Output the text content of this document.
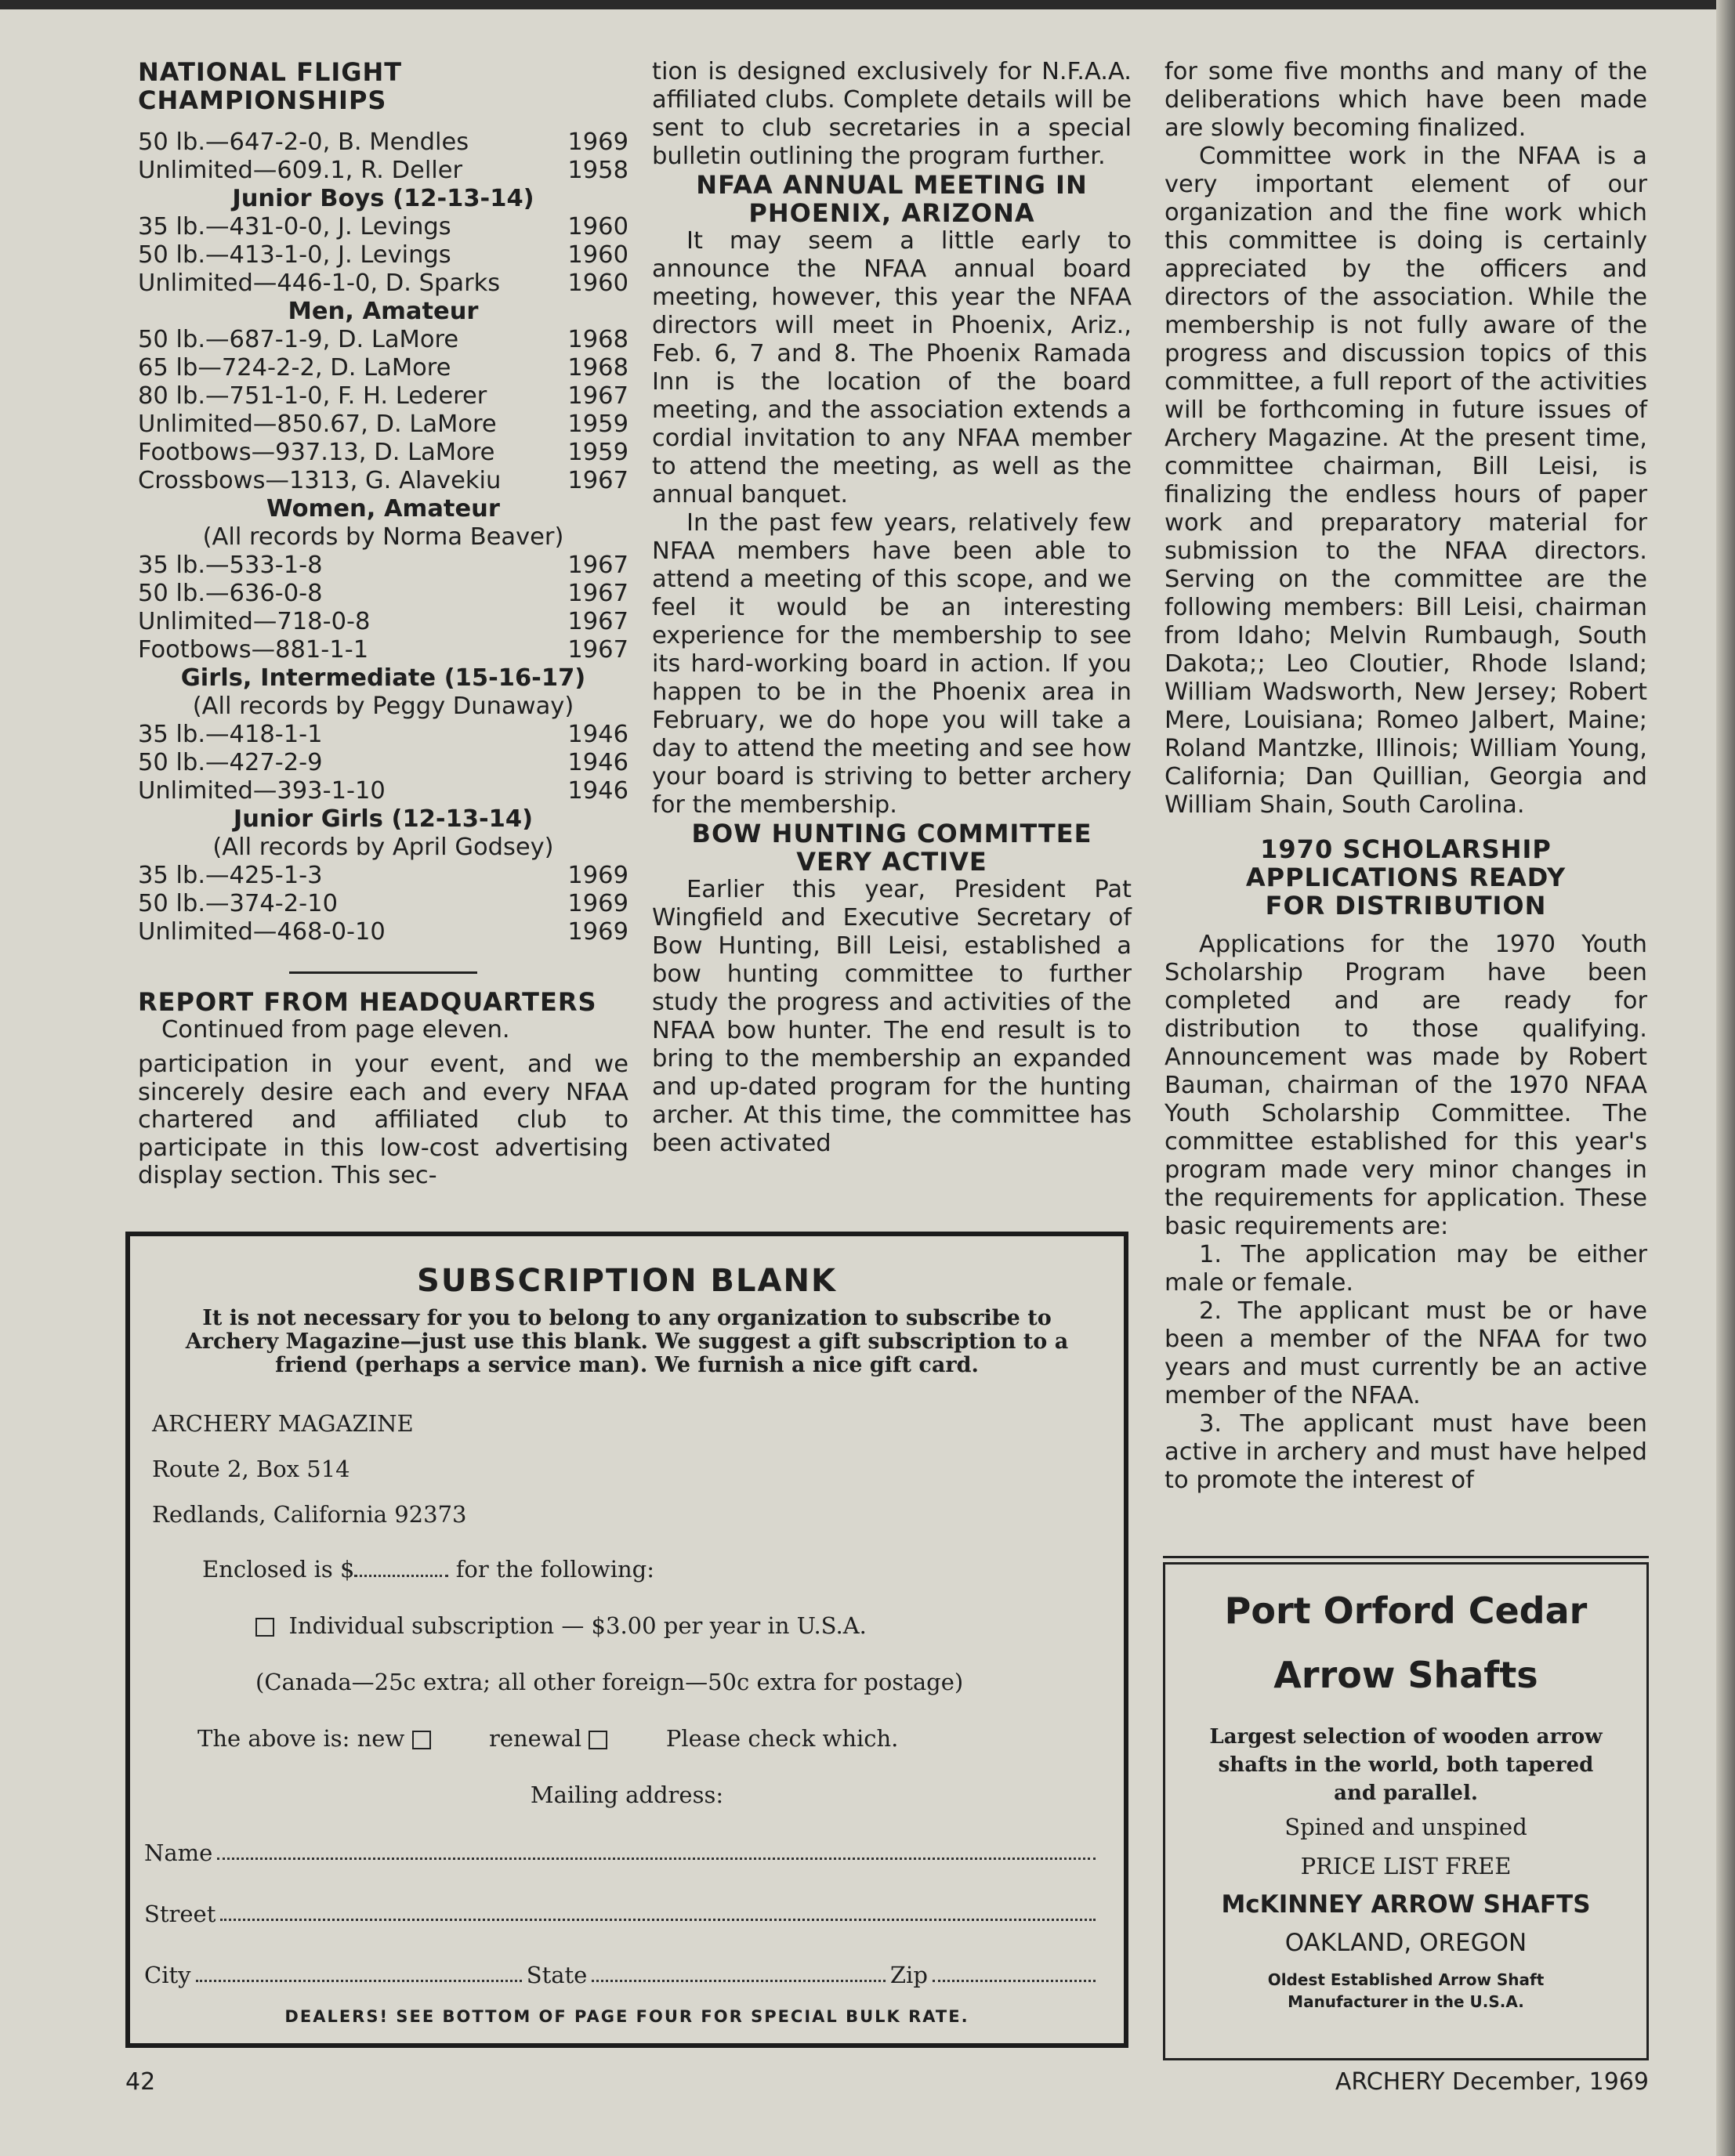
NATIONAL FLIGHT CHAMPIONSHIPS
50 lb.—647-2-0, B. Mendles	1969
Unlimited—609.1, R. Deller	1958
Junior Boys (12-13-14)
35 lb.—431-0-0, J. Levings	1960
50 lb.—413-1-0, J. Levings	1960
Unlimited—446-1-0, D. Sparks	1960
Men, Amateur
50 lb.—687-1-9, D. LaMore	1968
65 lb—724-2-2, D. LaMore	1968
80 lb.—751-1-0, F. H. Lederer	1967
Unlimited—850.67, D. LaMore	1959
Footbows—937.13, D. LaMore	1959
Crossbows—1313, G. Alavekiu	1967
Women, Amateur
(All records by Norma Beaver)
35 lb.—533-1-8	1967
50 lb.—636-0-8	1967
Unlimited—718-0-8	1967
Footbows—881-1-1	1967
Girls, Intermediate (15-16-17)
(All records by Peggy Dunaway)
35 lb.—418-1-1	1946
50 lb.—427-2-9	1946
Unlimited—393-1-10	1946
Junior Girls (12-13-14)
(All records by April Godsey)
35 lb.—425-1-3	1969
50 lb.—374-2-10	1969
Unlimited—468-0-10	1969
REPORT FROM HEADQUARTERS
Continued from page eleven.

participation in your event, and we sincerely desire each and every NFAA chartered and affiliated club to participate in this low-cost advertising display section. This sec-

tion is designed exclusively for N.F.A.A. affiliated clubs. Complete details will be sent to club secretaries in a special bulletin outlining the program further.

NFAA ANNUAL MEETING IN PHOENIX, ARIZONA

It may seem a little early to announce the NFAA annual board meeting, however, this year the NFAA directors will meet in Phoenix, Ariz., Feb. 6, 7 and 8. The Phoenix Ramada Inn is the location of the board meeting, and the association extends a cordial invitation to any NFAA member to attend the meeting, as well as the annual banquet.

In the past few years, relatively few NFAA members have been able to attend a meeting of this scope, and we feel it would be an interesting experience for the membership to see its hard-working board in action. If you happen to be in the Phoenix area in February, we do hope you will take a day to attend the meeting and see how your board is striving to better archery for the membership.

BOW HUNTING COMMITTEE VERY ACTIVE

Earlier this year, President Pat Wingfield and Executive Secretary of Bow Hunting, Bill Leisi, established a bow hunting committee to further study the progress and activities of the NFAA bow hunter. The end result is to bring to the membership an expanded and up-dated program for the hunting archer. At this time, the committee has been activated

for some five months and many of the deliberations which have been made are slowly becoming finalized.

Committee work in the NFAA is a very important element of our organization and the fine work which this committee is doing is certainly appreciated by the officers and directors of the association. While the membership is not fully aware of the progress and discussion topics of this committee, a full report of the activities will be forthcoming in future issues of Archery Magazine. At the present time, committee chairman, Bill Leisi, is finalizing the endless hours of paper work and preparatory material for submission to the NFAA directors. Serving on the committee are the following members: Bill Leisi, chairman from Idaho; Melvin Rumbaugh, South Dakota;; Leo Cloutier, Rhode Island; William Wadsworth, New Jersey; Robert Mere, Louisiana; Romeo Jalbert, Maine; Roland Mantzke, Illinois; William Young, California; Dan Quillian, Georgia and William Shain, South Carolina.

1970 SCHOLARSHIP APPLICATIONS READY FOR DISTRIBUTION

Applications for the 1970 Youth Scholarship Program have been completed and are ready for distribution to those qualifying. Announcement was made by Robert Bauman, chairman of the 1970 NFAA Youth Scholarship Committee. The committee established for this year's program made very minor changes in the requirements for application. These basic requirements are:

1. The application may be either male or female.

2. The applicant must be or have been a member of the NFAA for two years and must currently be an active member of the NFAA.

3. The applicant must have been active in archery and must have helped to promote the interest of

SUBSCRIPTION BLANK
It is not necessary for you to belong to any organization to subscribe to Archery Magazine—just use this blank. We suggest a gift subscription to a friend (perhaps a service man). We furnish a nice gift card.
ARCHERY MAGAZINE
Route 2, Box 514
Redlands, California 92373
Enclosed is $	for the following:
Individual subscription — $3.00 per year in U.S.A.
(Canada—25c extra; all other foreign—50c extra for postage)
The above is: new	renewal	Please check which.
Mailing address:
Name
Street
City	State	Zip
DEALERS! SEE BOTTOM OF PAGE FOUR FOR SPECIAL BULK RATE.
Port Orford Cedar
Arrow Shafts
Largest selection of wooden arrow shafts in the world, both tapered and parallel.
Spined and unspined
PRICE LIST FREE
McKINNEY ARROW SHAFTS
OAKLAND, OREGON
Oldest Established Arrow Shaft Manufacturer in the U.S.A.
42	ARCHERY December, 1969
